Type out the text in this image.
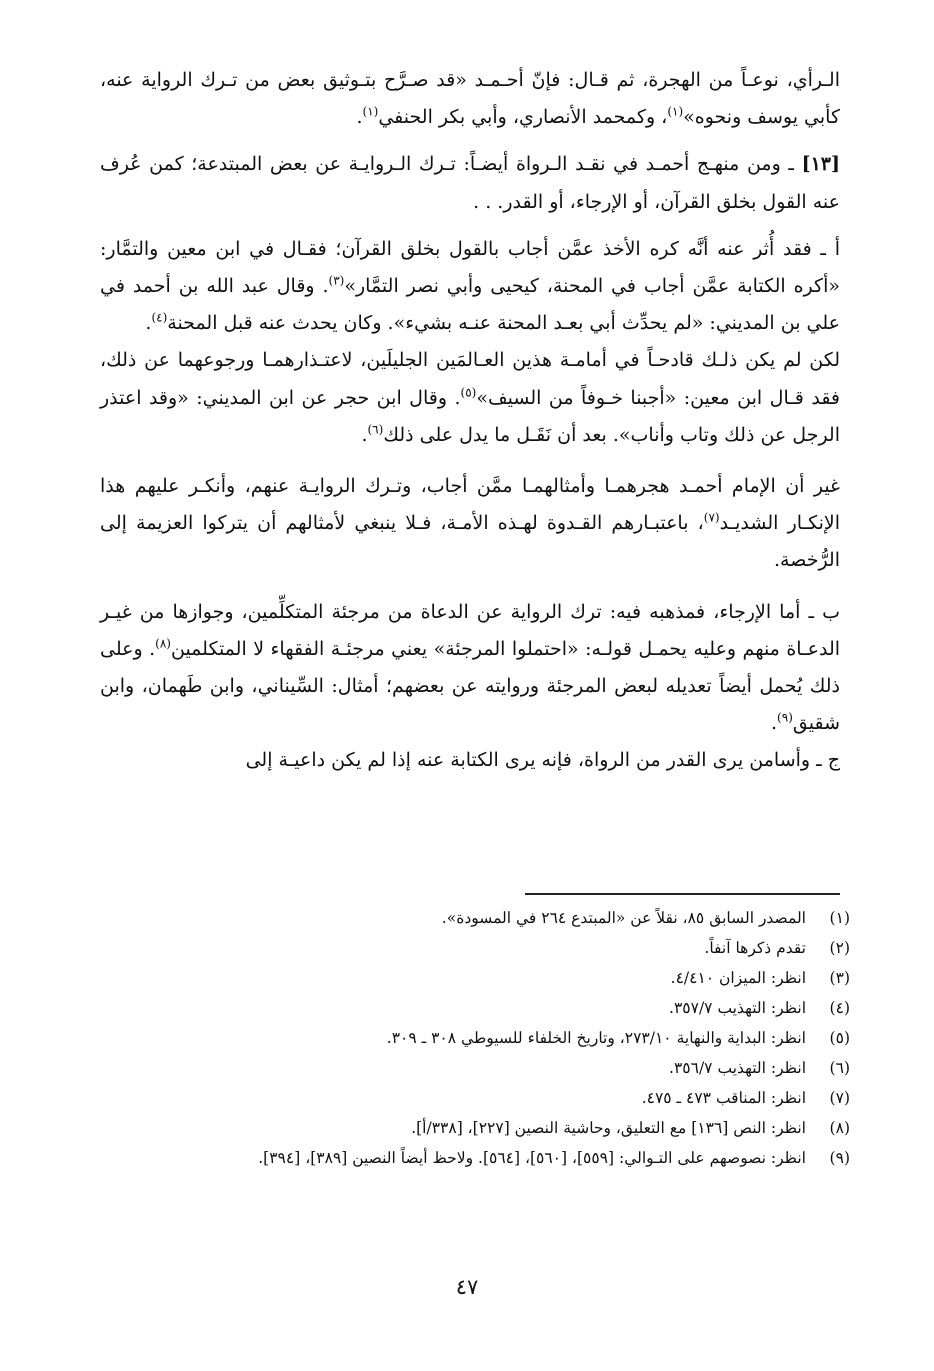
الـرأي، نوعـاً من الهجرة، ثم قـال: فإنّ أحـمـد «قد صـرَّح بتـوثيق بعض من تـرك الرواية عنه، كأبي يوسف ونحوه»$^{(١)}$، وكمحمد الأنصاري، وأبي بكر الحنفي$^{(١)}$.

[١٣] ـ ومن منهـج أحمـد في نقـد الـرواة أيضـاً: تـرك الـروايـة عن بعض المبتدعة؛ كمن عُرف عنه القول بخلق القرآن، أو الإرجاء، أو القدر. . .

أ ـ فقد أُثر عنه أنَّه كره الأخذ عمَّن أجاب بالقول بخلق القرآن؛ فقـال في ابن معين والتمَّار: «أكره الكتابة عمَّن أجاب في المحنة، كيحيى وأبي نصر التمَّار»$^{(٣)}$. وقال عبد الله بن أحمد في علي بن المديني: «لم يحدِّث أبي بعـد المحنة عنـه بشيء». وكان يحدث عنه قبل المحنة$^{(٤)}$.

لكن لم يكن ذلـك قادحـاً في أمامـة هذين العـالمَين الجليلَين، لاعتـذارهمـا ورجوعهما عن ذلك، فقد قـال ابن معين: «أجبنا خـوفاً من السيف»$^{(٥)}$. وقال ابن حجر عن ابن المديني: «وقد اعتذر الرجل عن ذلك وتاب وأناب». بعد أن نَقَـل ما يدل على ذلك$^{(٦)}$.

غير أن الإمام أحمـد هجرهمـا وأمثالهمـا ممَّن أجاب، وتـرك الروايـة عنهم، وأنكـر عليهم هذا الإنكـار الشديـد$^{(٧)}$، باعتبـارهم القـدوة لهـذه الأمـة، فـلا ينبغي لأمثالهم أن يتركوا العزيمة إلى الرُّخصة.

ب ـ أما الإرجاء، فمذهبه فيه: ترك الرواية عن الدعاة من مرجئة المتكلِّمين، وجوازها من غيـر الدعـاة منهم وعليه يحمـل قولـه: «احتملوا المرجئة» يعني مرجئـة الفقهاء لا المتكلمين$^{(٨)}$. وعلى ذلك يُحمل أيضاً تعديله لبعض المرجئة وروايته عن بعضهم؛ أمثال: السِّيناني، وابن طَهمان، وابن شقيق$^{(٩)}$.

ج ـ وأسامن يرى القدر من الرواة، فإنه يرى الكتابة عنه إذا لم يكن داعيـة إلى

(١)
المصدر السابق ٨٥، نقلاً عن «المبتدع ٢٦٤ في المسودة».
(٢)
تقدم ذكرها آنفاً.
(٣)
انظر: الميزان ٤/٤١٠.
(٤)
انظر: التهذيب ٣٥٧/٧.
(٥)
انظر: البداية والنهاية ٢٧٣/١٠، وتاريخ الخلفاء للسيوطي ٣٠٨ ـ ٣٠٩.
(٦)
انظر: التهذيب ٣٥٦/٧.
(٧)
انظر: المناقب ٤٧٣ ـ ٤٧٥.
(٨)
انظر: النص [١٣٦] مع التعليق، وحاشية النصين [٢٢٧]، [٣٣٨/أ].
(٩)
انظر: نصوصهم على التـوالي: [٥٥٩]، [٥٦٠]، [٥٦٤]. ولاحظ أيضاً النصين [٣٨٩]، [٣٩٤].
٤٧
